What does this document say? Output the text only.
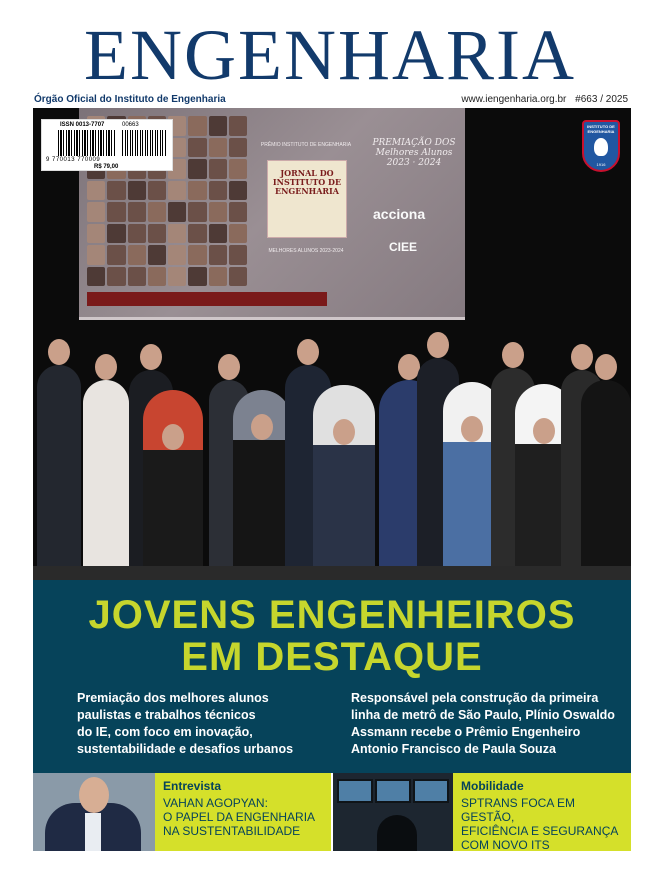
ENGENHARIA
Órgão Oficial do Instituto de Engenharia	www.iengenharia.org.br #663 / 2025
PRÊMIO INSTITUTO DE ENGENHARIA
JORNAL DO
INSTITUTO DE
ENGENHARIA
MELHORES ALUNOS 2023-2024
PREMIAÇÃO DOS Melhores Alunos 2023 · 2024
acciona
CIEE
ISSN 0013-7707	00663
9 770013 770009
R$ 79,00
INSTITUTO DE ENGENHARIA
1916
JOVENS ENGENHEIROS
EM DESTAQUE
Premiação dos melhores alunos
paulistas e trabalhos técnicos
do IE, com foco em inovação,
sustentabilidade e desafios urbanos
Responsável pela construção da primeira
linha de metrô de São Paulo, Plínio Oswaldo
Assmann recebe o Prêmio Engenheiro
Antonio Francisco de Paula Souza
Entrevista
VAHAN AGOPYAN:
O PAPEL DA ENGENHARIA
NA SUSTENTABILIDADE
Mobilidade
SPTRANS FOCA EM GESTÃO,
EFICIÊNCIA E SEGURANÇA
COM NOVO ITS
